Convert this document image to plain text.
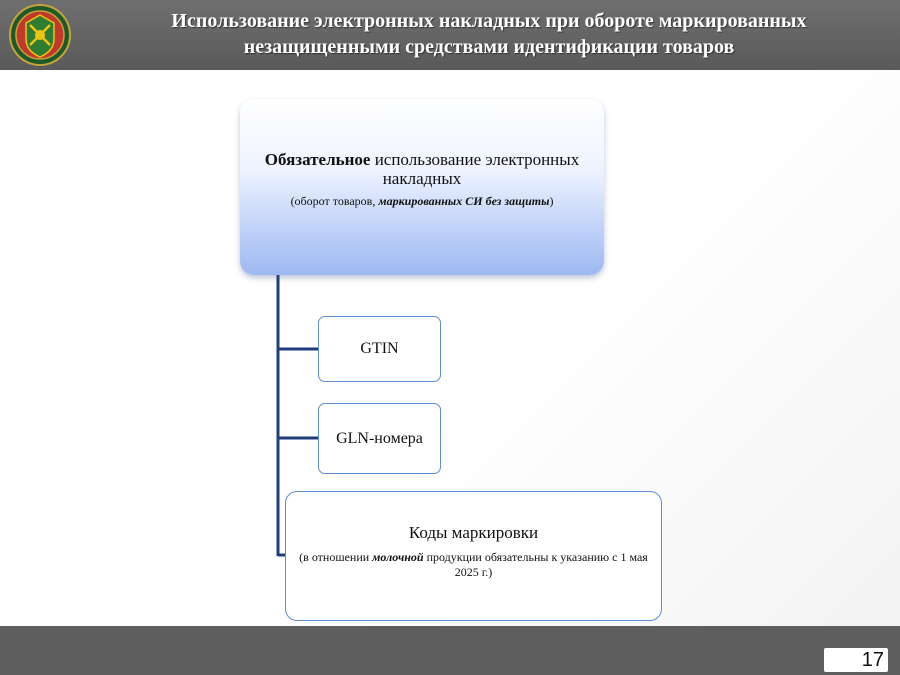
Использование электронных накладных при обороте маркированных
незащищенными средствами идентификации товаров
Обязательное использование электронных накладных
(оборот товаров, маркированных СИ без защиты)
GTIN
GLN-номера
Коды маркировки
(в отношении молочной продукции обязательны к указанию с 1 мая 2025 г.)
17
